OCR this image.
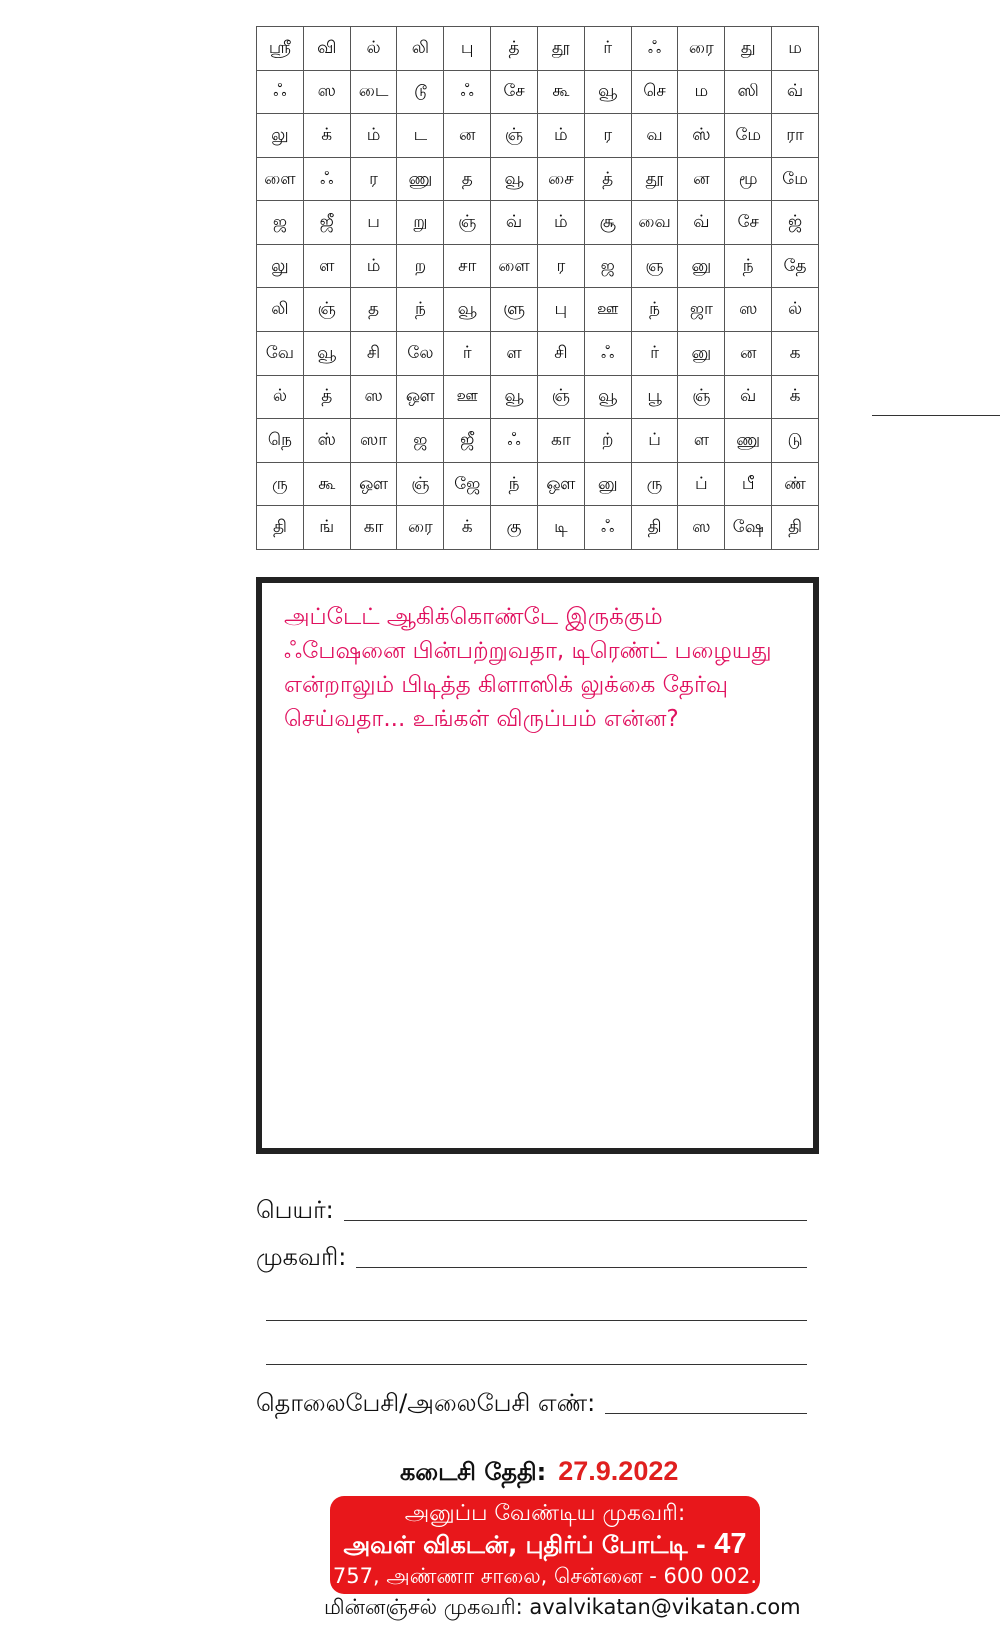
ஸ்ரீ	வி	ல்	லி	பு	த்	தூ	ர்	ஃ	ரை	து	ம
ஃ	ஸ	டை	டூ	ஃ	சே	கூ	வூ	செ	ம	ஸி	வ்
லு	க்	ம்	ட	ன	ஞ்	ம்	ர	வ	ஸ்	மே	ரா
ளை	ஃ	ர	ணு	த	வூ	சை	த்	தூ	ன	மூ	மே
ஜ	ஜீ	ப	று	ஞ்	வ்	ம்	சூ	வை	வ்	சே	ஜ்
லு	ள	ம்	ற	சா	ளை	ர	ஜ	ஞ	னு	ந்	தே
லி	ஞ்	த	ந்	வூ	ளு	பு	ஊ	ந்	ஜா	ஸ	ல்
வே	வூ	சி	லே	ர்	ள	சி	ஃ	ர்	னு	ன	க
ல்	த்	ஸ	ஔ	ஊ	வூ	ஞ்	வூ	பூ	ஞ்	வ்	க்
நெ	ஸ்	ஸா	ஜ	ஜீ	ஃ	கா	ற்	ப்	ள	ணு	டு
ரு	கூ	ஔ	ஞ்	ஜே	ந்	ஔ	னு	ரு	ப்	பீ	ண்
தி	ங்	கா	ரை	க்	கு	டி	ஃ	தி	ஸ	ஷே	தி
அப்டேட் ஆகிக்கொண்டே இருக்கும் ஃபேஷனை பின்பற்றுவதா, டிரெண்ட் பழையது என்றாலும் பிடித்த கிளாஸிக் லுக்கை தேர்வு செய்வதா... உங்கள் விருப்பம் என்ன?
பெயர்:
முகவரி:
தொலைபேசி/அலைபேசி எண்:
கடைசி தேதி: 27.9.2022
அனுப்ப வேண்டிய முகவரி:
அவள் விகடன், புதிர்ப் போட்டி - 47
757, அண்ணா சாலை, சென்னை - 600 002.
மின்னஞ்சல் முகவரி: avalvikatan@vikatan.com
